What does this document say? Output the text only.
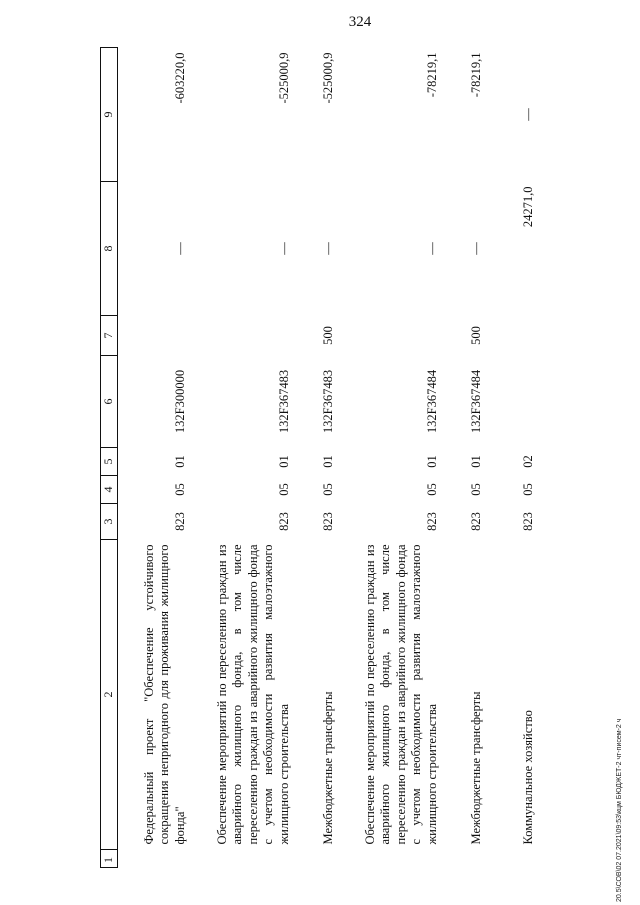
324
20.5\СОВ\02 07.2021\09:53\кцм БЮДЖЕТ-2 чт-писем-2 ч
1	2	3	4	5	6	7	8	9
	Федеральный проект "Обеспечение устойчивого сокращения непригодного для проживания жилищного фонда"	823	05	01	132F300000		—	-603220,0
	Обеспечение мероприятий по переселению граждан из аварийного жилищного фонда, в том числе переселению граждан из аварийного жилищного фонда с учетом необходимости развития малоэтажного жилищного строительства	823	05	01	132F367483		—	-525000,9
	Межбюджетные трансферты	823	05	01	132F367483	500	—	-525000,9
	Обеспечение мероприятий по переселению граждан из аварийного жилищного фонда, в том числе переселению граждан из аварийного жилищного фонда с учетом необходимости развития малоэтажного жилищного строительства	823	05	01	132F367484		—	-78219,1
	Межбюджетные трансферты	823	05	01	132F367484	500	—	-78219,1
	Коммунальное хозяйство	823	05	02			24271,0	—
